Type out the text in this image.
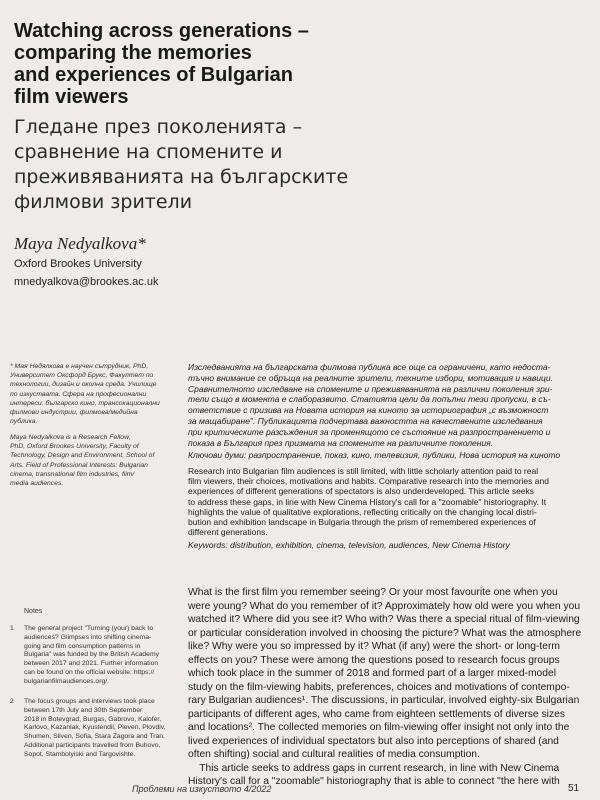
Watching across generations –
comparing the memories
and experiences of Bulgarian
film viewers
Гледане през поколенията –
сравнение на спомените и
преживяванията на българските
филмови зрители
Maya Nedyalkova*
Oxford Brookes University
mnedyalkova@brookes.ac.uk
* Мая Недялкова е научен сътрудник, PhD,
Университет Оксфорд Брукс, Факултет по
технологии, дизайн и околна среда. Училище
по изкуствата. Сфера на професионални
интереси: българско кино, трансокационални
филмови индустрии, филмова/медийна
публика.
Maya Nedyalkova is a Research Fellow,
PhD, Oxford Brookes University, Faculty of
Technology, Design and Environment, School of
Arts. Field of Professional Interests: Bulgarian
cinema, transnational film industries, film/
media audiences.
Изследванията на българската филмова публика все още са ограничени, като недоста-
тъчно внимание се обръща на реалните зрители, техните избори, мотивация и навици.
Сравнителното изследване на спомените и преживяванията на различни поколения зри-
тели също в момента е слаборазвито. Статията цели да попълни тези пропуски, в съ-
ответствие с призива на Новата история на киното за историография „с възможност
за мащабиране". Публикацията подчертава важността на качествените изследвания
при критическите разсъждения за променящото се състояние на разпространението и
показа в България през призмата на спомените на различните поколения.
Ключови думи: разпространение, показ, кино, телевизия, публики, Нова история на киното
Research into Bulgarian film audiences is still limited, with little scholarly attention paid to real
film viewers, their choices, motivations and habits. Comparative research into the memories and
experiences of different generations of spectators is also underdeveloped. This article seeks
to address these gaps, in line with New Cinema History's call for a "zoomable" historiography. It
highlights the value of qualitative explorations, reflecting critically on the changing local distri-
bution and exhibition landscape in Bulgaria through the prism of remembered experiences of
different generations.
Keywords: distribution, exhibition, cinema, television, audiences, New Cinema History
What is the first film you remember seeing? Or your most favourite one when you
were young? What do you remember of it? Approximately how old were you when you
watched it? Where did you see it? Who with? Was there a special ritual of film-viewing
or particular consideration involved in choosing the picture? What was the atmosphere
like? Why were you so impressed by it? What (if any) were the short- or long-term
effects on you? These were among the questions posed to research focus groups
which took place in the summer of 2018 and formed part of a larger mixed-model
study on the film-viewing habits, preferences, choices and motivations of contempo-
rary Bulgarian audiences¹. The discussions, in particular, involved eighty-six Bulgarian
participants of different ages, who came from eighteen settlements of diverse sizes
and locations². The collected memories on film-viewing offer insight not only into the
lived experiences of individual spectators but also into perceptions of shared (and
often shifting) social and cultural realities of media consumption.
This article seeks to address gaps in current research, in line with New Cinema
History's call for a "zoomable" historiography that is able to connect "the here with
Notes
1 The general project "Turning (your) back to
audiences? Glimpses into shifting cinema-
going and film consumption patterns in
Bulgaria" was funded by the British Academy
between 2017 and 2021. Further information
can be found on the official website: https://
bulgarianfilmaudiences.org/.
2 The focus groups and interviews took place
between 17th July and 30th September
2018 in Botevgrad, Burgas, Gabrovo, Kalofer,
Karlovo, Kazanlak, Kyustendil, Pleven, Plovdiv,
Shumen, Sliven, Sofia, Stara Zagora and Tran.
Additional participants travelled from Buhovo,
Sopot, Stambolyiski and Targovishte.
Проблеми на изкуството 4/2022	51
